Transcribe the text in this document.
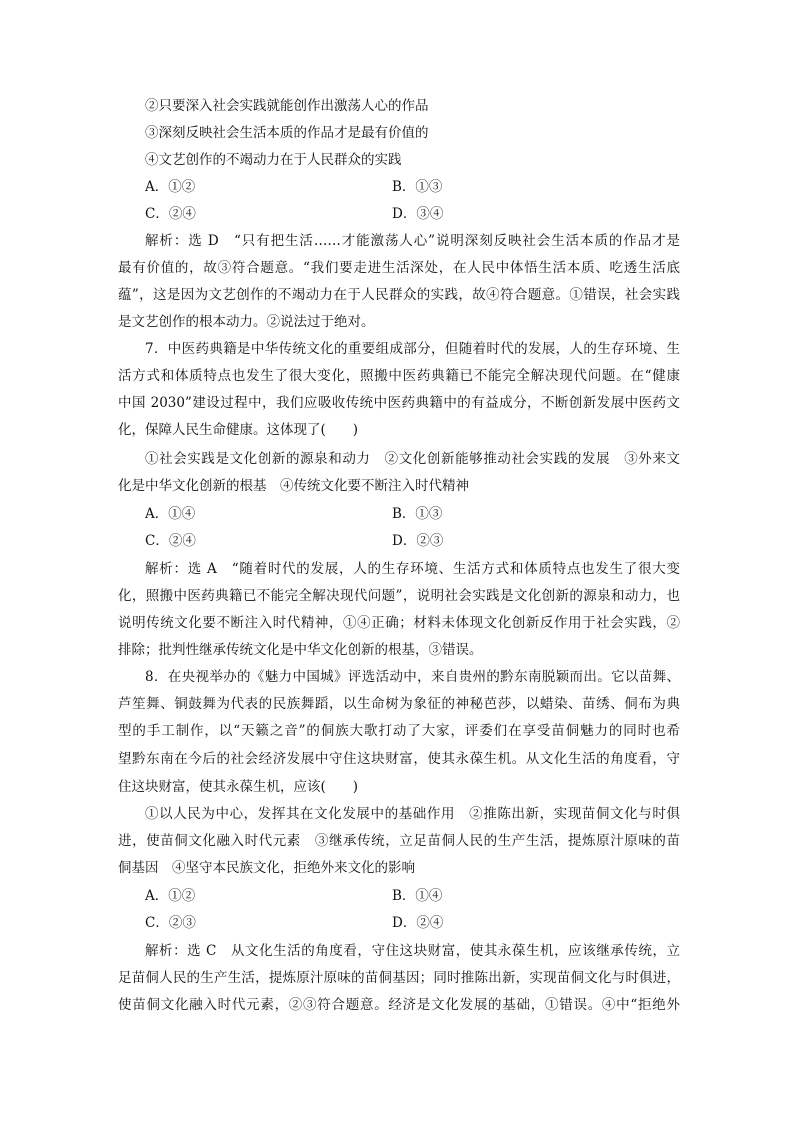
②只要深入社会实践就能创作出激荡人心的作品
③深刻反映社会生活本质的作品才是最有价值的
④文艺创作的不竭动力在于人民群众的实践
A．①②	B．①③
C．②④	D．③④
解析：选 D　“只有把生活……才能激荡人心”说明深刻反映社会生活本质的作品才是
最有价值的，故③符合题意。“我们要走进生活深处，在人民中体悟生活本质、吃透生活底
蕴”，这是因为文艺创作的不竭动力在于人民群众的实践，故④符合题意。①错误，社会实践
是文艺创作的根本动力。②说法过于绝对。
7．中医药典籍是中华传统文化的重要组成部分，但随着时代的发展，人的生存环境、生
活方式和体质特点也发生了很大变化，照搬中医药典籍已不能完全解决现代问题。在“健康
中国 2030”建设过程中，我们应吸收传统中医药典籍中的有益成分，不断创新发展中医药文
化，保障人民生命健康。这体现了(　　)
①社会实践是文化创新的源泉和动力　②文化创新能够推动社会实践的发展　③外来文
化是中华文化创新的根基　④传统文化要不断注入时代精神
A．①④	B．①③
C．②④	D．②③
解析：选 A　“随着时代的发展，人的生存环境、生活方式和体质特点也发生了很大变
化，照搬中医药典籍已不能完全解决现代问题”，说明社会实践是文化创新的源泉和动力，也
说明传统文化要不断注入时代精神，①④正确；材料未体现文化创新反作用于社会实践，②
排除；批判性继承传统文化是中华文化创新的根基，③错误。
8．在央视举办的《魅力中国城》评选活动中，来自贵州的黔东南脱颖而出。它以苗舞、
芦笙舞、铜鼓舞为代表的民族舞蹈，以生命树为象征的神秘芭莎，以蜡染、苗绣、侗布为典
型的手工制作，以“天籁之音”的侗族大歌打动了大家，评委们在享受苗侗魅力的同时也希
望黔东南在今后的社会经济发展中守住这块财富，使其永葆生机。从文化生活的角度看，守
住这块财富，使其永葆生机，应该(　　)
①以人民为中心，发挥其在文化发展中的基础作用　②推陈出新，实现苗侗文化与时俱
进，使苗侗文化融入时代元素　③继承传统，立足苗侗人民的生产生活，提炼原汁原味的苗
侗基因　④坚守本民族文化，拒绝外来文化的影响
A．①②	B．①④
C．②③	D．②④
解析：选 C　从文化生活的角度看，守住这块财富，使其永葆生机，应该继承传统，立
足苗侗人民的生产生活，提炼原汁原味的苗侗基因；同时推陈出新，实现苗侗文化与时俱进，
使苗侗文化融入时代元素，②③符合题意。经济是文化发展的基础，①错误。④中“拒绝外
